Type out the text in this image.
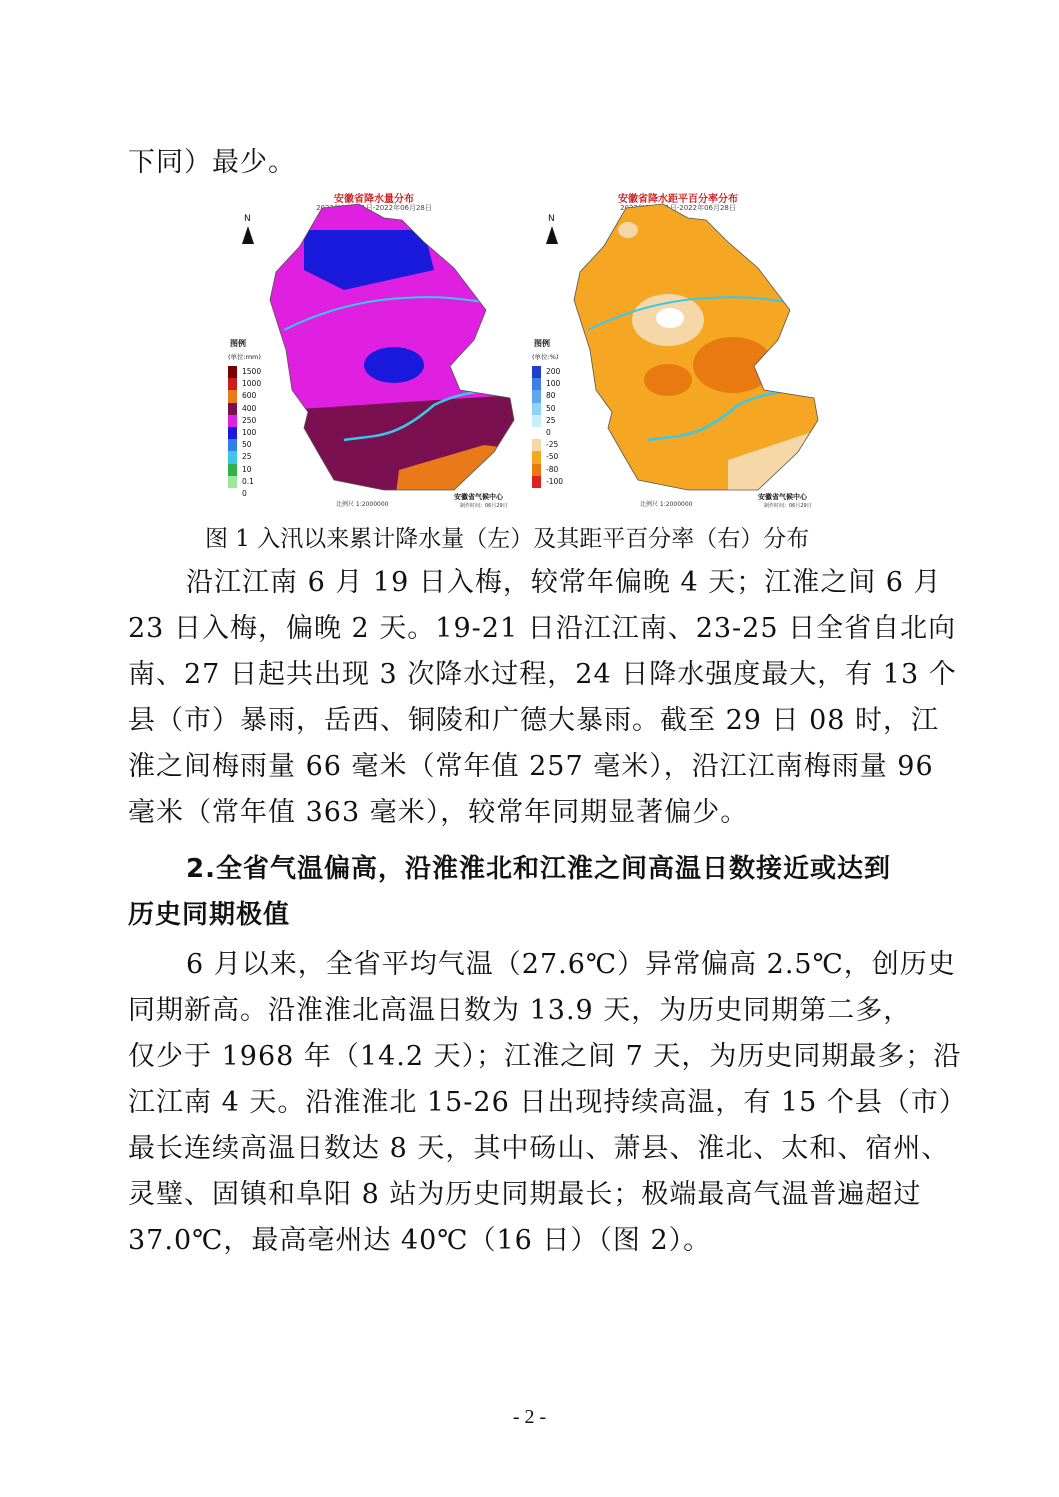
下同）最少。
安徽省降水量分布
2022年05月01日-2022年06月28日
N
图例
(单位:mm)
1500
1000
600
400
250
100
50
25
10
0.1
0
比例尺 1:2000000
安徽省气候中心
制作时间：06月29日
安徽省降水距平百分率分布
2022年05月01日-2022年06月28日
N
图例
(单位:%)
200
100
80
50
25
0
-25
-50
-80
-100
比例尺 1:2000000
安徽省气候中心
制作时间：06月29日
图 1 入汛以来累计降水量（左）及其距平百分率（右）分布
沿江江南 6 月 19 日入梅，较常年偏晚 4 天；江淮之间 6 月
23 日入梅，偏晚 2 天。19-21 日沿江江南、23-25 日全省自北向
南、27 日起共出现 3 次降水过程，24 日降水强度最大，有 13 个
县（市）暴雨，岳西、铜陵和广德大暴雨。截至 29 日 08 时，江
淮之间梅雨量 66 毫米（常年值 257 毫米），沿江江南梅雨量 96
毫米（常年值 363 毫米），较常年同期显著偏少。
2.全省气温偏高，沿淮淮北和江淮之间高温日数接近或达到
历史同期极值
6 月以来，全省平均气温（27.6℃）异常偏高 2.5℃，创历史
同期新高。沿淮淮北高温日数为 13.9 天，为历史同期第二多，
仅少于 1968 年（14.2 天）；江淮之间 7 天，为历史同期最多；沿
江江南 4 天。沿淮淮北 15-26 日出现持续高温，有 15 个县（市）
最长连续高温日数达 8 天，其中砀山、萧县、淮北、太和、宿州、
灵璧、固镇和阜阳 8 站为历史同期最长；极端最高气温普遍超过
37.0℃，最高亳州达 40℃（16 日）（图 2）。
- 2 -
